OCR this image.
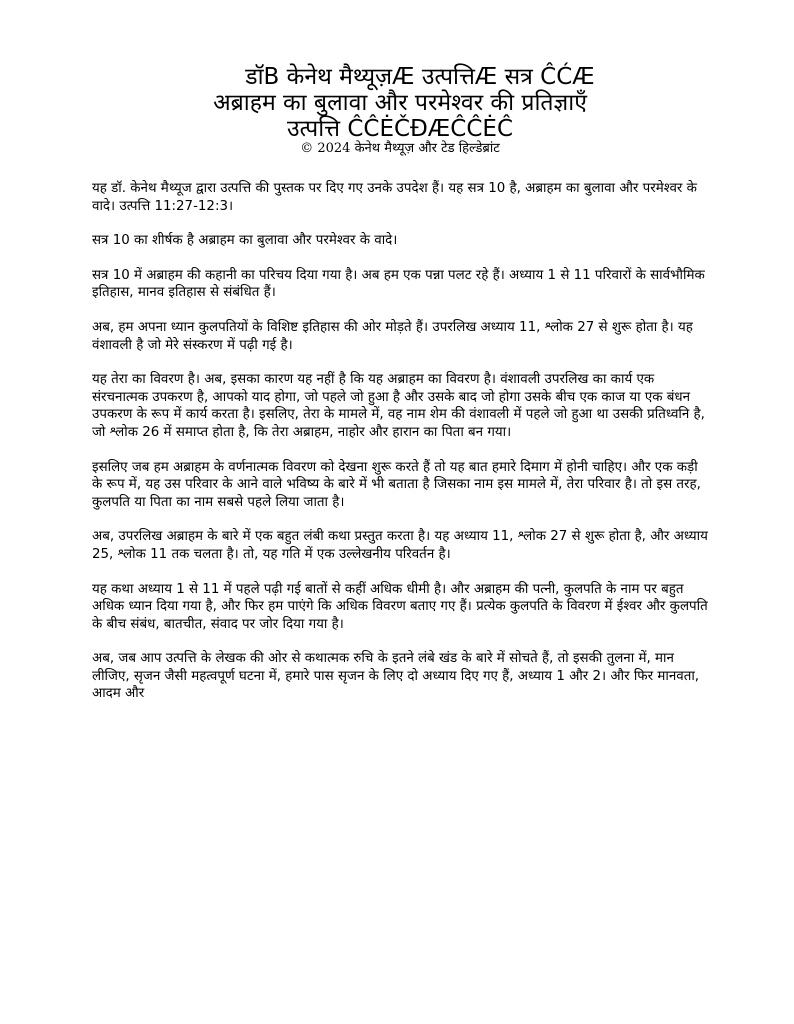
डॉB केनेथ मैथ्यूज़Æ उत्पत्तिÆ सत्र ĈĆÆ

अब्राहम का बुलावा और परमेश्वर की प्रतिज्ञाएँ

उत्पत्ति ĈĈĖČĐÆĈĈĖĈ

© 2024 केनेथ मैथ्यूज़ और टेड हिल्डेब्रांट

यह डॉ. केनेथ मैथ्यूज द्वारा उत्पत्ति की पुस्तक पर दिए गए उनके उपदेश हैं। यह सत्र 10 है, अब्राहम का बुलावा और परमेश्वर के वादे। उत्पत्ति 11:27-12:3।

सत्र 10 का शीर्षक है अब्राहम का बुलावा और परमेश्वर के वादे।

सत्र 10 में अब्राहम की कहानी का परिचय दिया गया है। अब हम एक पन्ना पलट रहे हैं। अध्याय 1 से 11 परिवारों के सार्वभौमिक इतिहास, मानव इतिहास से संबंधित हैं।

अब, हम अपना ध्यान कुलपतियों के विशिष्ट इतिहास की ओर मोड़ते हैं। उपरलिख अध्याय 11, श्लोक 27 से शुरू होता है। यह वंशावली है जो मेरे संस्करण में पढ़ी गई है।

यह तेरा का विवरण है। अब, इसका कारण यह नहीं है कि यह अब्राहम का विवरण है। वंशावली उपरलिख का कार्य एक संरचनात्मक उपकरण है, आपको याद होगा, जो पहले जो हुआ है और उसके बाद जो होगा उसके बीच एक काज या एक बंधन उपकरण के रूप में कार्य करता है। इसलिए, तेरा के मामले में, वह नाम शेम की वंशावली में पहले जो हुआ था उसकी प्रतिध्वनि है, जो श्लोक 26 में समाप्त होता है, कि तेरा अब्राहम, नाहोर और हारान का पिता बन गया।

इसलिए जब हम अब्राहम के वर्णनात्मक विवरण को देखना शुरू करते हैं तो यह बात हमारे दिमाग में होनी चाहिए। और एक कड़ी के रूप में, यह उस परिवार के आने वाले भविष्य के बारे में भी बताता है जिसका नाम इस मामले में, तेरा परिवार है। तो इस तरह, कुलपति या पिता का नाम सबसे पहले लिया जाता है।

अब, उपरलिख अब्राहम के बारे में एक बहुत लंबी कथा प्रस्तुत करता है। यह अध्याय 11, श्लोक 27 से शुरू होता है, और अध्याय 25, श्लोक 11 तक चलता है। तो, यह गति में एक उल्लेखनीय परिवर्तन है।

यह कथा अध्याय 1 से 11 में पहले पढ़ी गई बातों से कहीं अधिक धीमी है। और अब्राहम की पत्नी, कुलपति के नाम पर बहुत अधिक ध्यान दिया गया है, और फिर हम पाएंगे कि अधिक विवरण बताए गए हैं। प्रत्येक कुलपति के विवरण में ईश्वर और कुलपति के बीच संबंध, बातचीत, संवाद पर जोर दिया गया है।

अब, जब आप उत्पत्ति के लेखक की ओर से कथात्मक रुचि के इतने लंबे खंड के बारे में सोचते हैं, तो इसकी तुलना में, मान लीजिए, सृजन जैसी महत्वपूर्ण घटना में, हमारे पास सृजन के लिए दो अध्याय दिए गए हैं, अध्याय 1 और 2। और फिर मानवता, आदम और
